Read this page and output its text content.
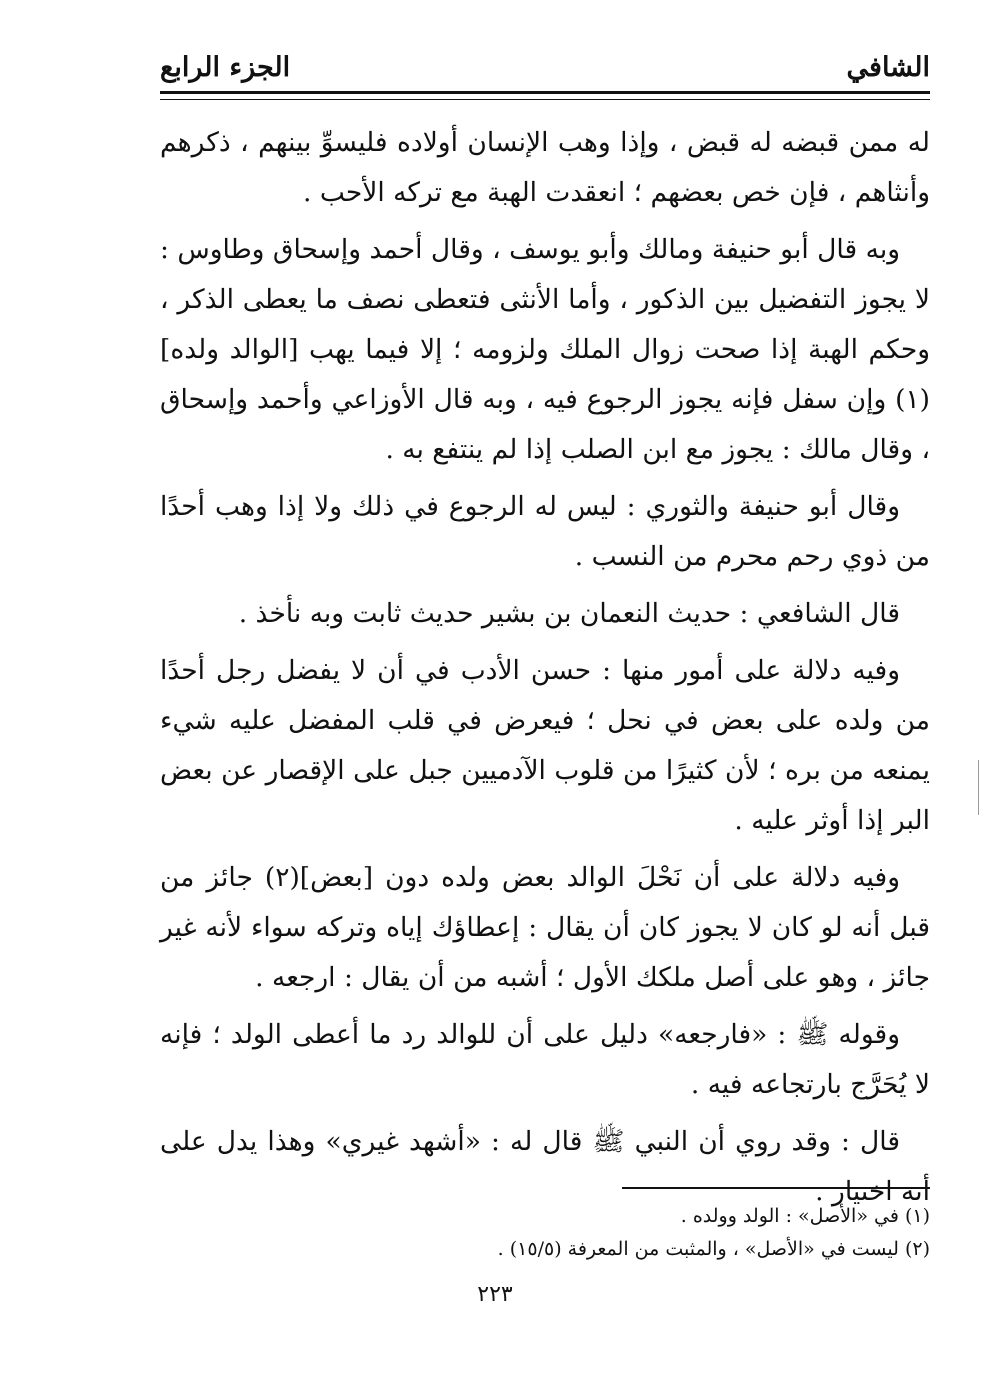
الشافي
الجزء الرابع

له ممن قبضه له قبض ، وإذا وهب الإنسان أولاده فليسوِّ بينهم ، ذكرهم وأنثاهم ، فإن خص بعضهم ؛ انعقدت الهبة مع تركه الأحب .

وبه قال أبو حنيفة ومالك وأبو يوسف ، وقال أحمد وإسحاق وطاوس : لا يجوز التفضيل بين الذكور ، وأما الأنثى فتعطى نصف ما يعطى الذكر ، وحكم الهبة إذا صحت زوال الملك ولزومه ؛ إلا فيما يهب [الوالد ولده](١) وإن سفل فإنه يجوز الرجوع فيه ، وبه قال الأوزاعي وأحمد وإسحاق ، وقال مالك : يجوز مع ابن الصلب إذا لم ينتفع به .

وقال أبو حنيفة والثوري : ليس له الرجوع في ذلك ولا إذا وهب أحدًا من ذوي رحم محرم من النسب .

قال الشافعي : حديث النعمان بن بشير حديث ثابت وبه نأخذ .

وفيه دلالة على أمور منها : حسن الأدب في أن لا يفضل رجل أحدًا من ولده على بعض في نحل ؛ فيعرض في قلب المفضل عليه شيء يمنعه من بره ؛ لأن كثيرًا من قلوب الآدميين جبل على الإقصار عن بعض البر إذا أوثر عليه .

وفيه دلالة على أن نَحْلَ الوالد بعض ولده دون [بعض](٢) جائز من قبل أنه لو كان لا يجوز كان أن يقال : إعطاؤك إياه وتركه سواء لأنه غير جائز ، وهو على أصل ملكك الأول ؛ أشبه من أن يقال : ارجعه .

وقوله ﷺ : «فارجعه» دليل على أن للوالد رد ما أعطى الولد ؛ فإنه لا يُحَرَّج بارتجاعه فيه .

قال : وقد روي أن النبي ﷺ قال له : «أشهد غيري» وهذا يدل على أنه اختيار .

(١) في «الأصل» : الولد وولده .
(٢) ليست في «الأصل» ، والمثبت من المعرفة (١٥/٥) .
٢٢٣
